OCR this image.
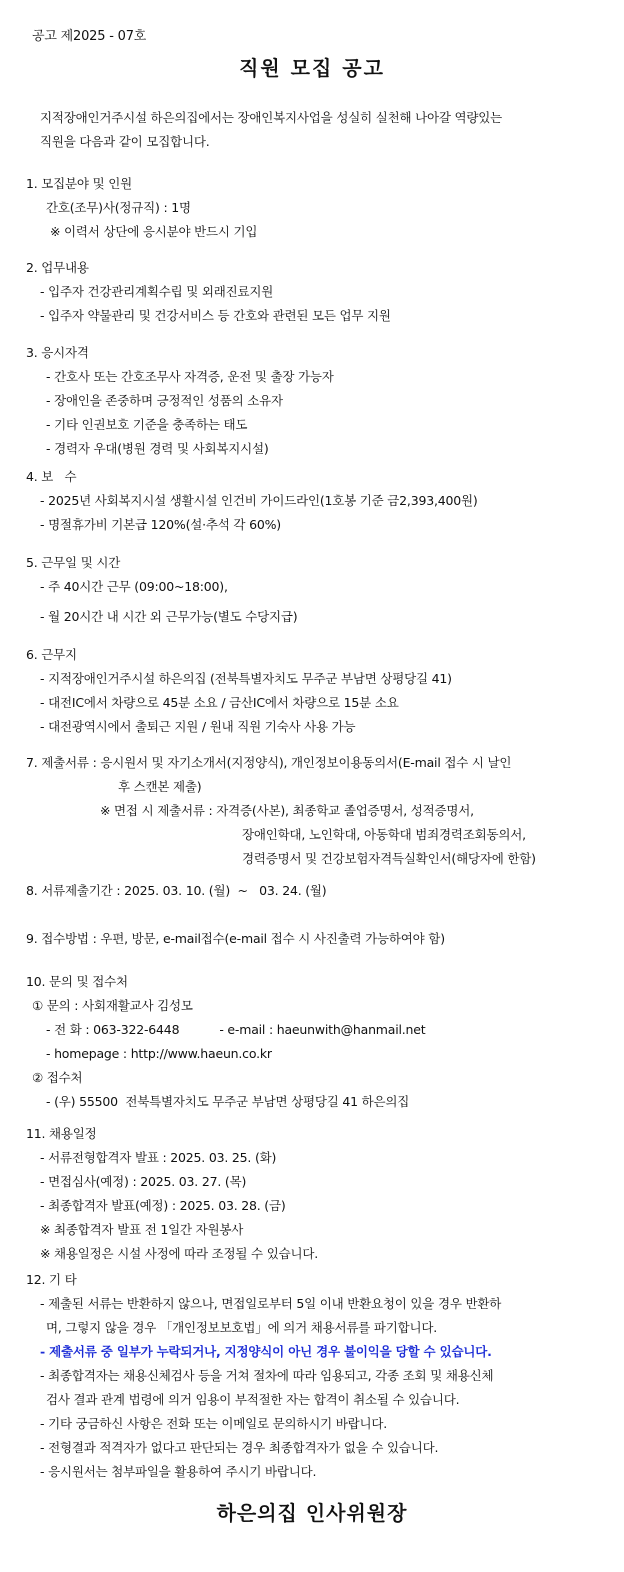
공고 제2025 - 07호
직원 모집 공고
지적장애인거주시설 하은의집에서는 장애인복지사업을 성실히 실천해 나아갈 역량있는
직원을 다음과 같이 모집합니다.
1. 모집분야 및 인원
간호(조무)사(정규직) : 1명
※ 이력서 상단에 응시분야 반드시 기입
2. 업무내용
- 입주자 건강관리계획수립 및 외래진료지원
- 입주자 약물관리 및 건강서비스 등 간호와 관련된 모든 업무 지원
3. 응시자격
- 간호사 또는 간호조무사 자격증, 운전 및 출장 가능자
- 장애인을 존중하며 긍정적인 성품의 소유자
- 기타 인권보호 기준을 충족하는 태도
- 경력자 우대(병원 경력 및 사회복지시설)
4. 보   수
- 2025년 사회복지시설 생활시설 인건비 가이드라인(1호봉 기준 금2,393,400원)
- 명절휴가비 기본급 120%(설·추석 각 60%)
5. 근무일 및 시간
- 주 40시간 근무 (09:00~18:00),
- 월 20시간 내 시간 외 근무가능(별도 수당지급)
6. 근무지
- 지적장애인거주시설 하은의집 (전북특별자치도 무주군 부남면 상평당길 41)
- 대전IC에서 차량으로 45분 소요 / 금산IC에서 차량으로 15분 소요
- 대전광역시에서 출퇴근 지원 / 원내 직원 기숙사 사용 가능
7. 제출서류 : 응시원서 및 자기소개서(지정양식), 개인정보이용동의서(E-mail 접수 시 날인
후 스캔본 제출)
※ 면접 시 제출서류 : 자격증(사본), 최종학교 졸업증명서, 성적증명서,
장애인학대, 노인학대, 아동학대 범죄경력조회동의서,
경력증명서 및 건강보험자격득실확인서(해당자에 한함)
8. 서류제출기간 : 2025. 03. 10. (월)  ~   03. 24. (월)
9. 접수방법 : 우편, 방문, e-mail접수(e-mail 접수 시 사진출력 가능하여야 함)
10. 문의 및 접수처
① 문의 : 사회재활교사 김성모
- 전 화 : 063-322-6448	- e-mail : haeunwith@hanmail.net
- homepage : http://www.haeun.co.kr
② 접수처
- (우) 55500  전북특별자치도 무주군 부남면 상평당길 41 하은의집
11. 채용일정
- 서류전형합격자 발표 : 2025. 03. 25. (화)
- 면접심사(예정) : 2025. 03. 27. (목)
- 최종합격자 발표(예정) : 2025. 03. 28. (금)
※ 최종합격자 발표 전 1일간 자원봉사
※ 채용일정은 시설 사정에 따라 조정될 수 있습니다.
12. 기 타
- 제출된 서류는 반환하지 않으나, 면접일로부터 5일 이내 반환요청이 있을 경우 반환하
며, 그렇지 않을 경우 「개인정보보호법」에 의거 채용서류를 파기합니다.
- 제출서류 중 일부가 누락되거나, 지정양식이 아닌 경우 불이익을 당할 수 있습니다.
- 최종합격자는 채용신체검사 등을 거쳐 절차에 따라 임용되고, 각종 조회 및 채용신체
검사 결과 관계 법령에 의거 임용이 부적절한 자는 합격이 취소될 수 있습니다.
- 기타 궁금하신 사항은 전화 또는 이메일로 문의하시기 바랍니다.
- 전형결과 적격자가 없다고 판단되는 경우 최종합격자가 없을 수 있습니다.
- 응시원서는 첨부파일을 활용하여 주시기 바랍니다.
하은의집 인사위원장
